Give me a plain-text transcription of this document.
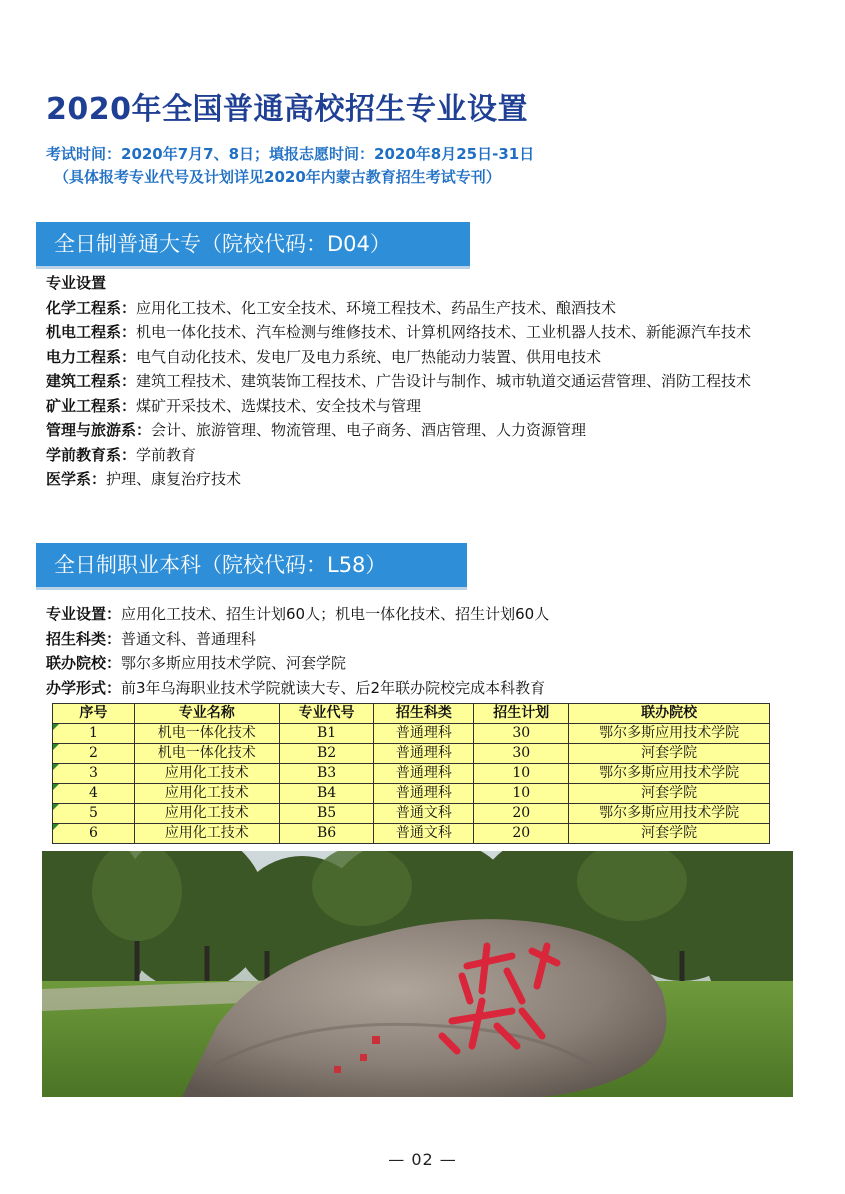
2020年全国普通高校招生专业设置
考试时间：2020年7月7、8日；填报志愿时间：2020年8月25日-31日
（具体报考专业代号及计划详见2020年内蒙古教育招生考试专刊）
全日制普通大专（院校代码：D04）
专业设置
化学工程系：应用化工技术、化工安全技术、环境工程技术、药品生产技术、酿酒技术
机电工程系：机电一体化技术、汽车检测与维修技术、计算机网络技术、工业机器人技术、新能源汽车技术
电力工程系：电气自动化技术、发电厂及电力系统、电厂热能动力装置、供用电技术
建筑工程系：建筑工程技术、建筑装饰工程技术、广告设计与制作、城市轨道交通运营管理、消防工程技术
矿业工程系：煤矿开采技术、选煤技术、安全技术与管理
管理与旅游系：会计、旅游管理、物流管理、电子商务、酒店管理、人力资源管理
学前教育系：学前教育
医学系：护理、康复治疗技术
全日制职业本科（院校代码：L58）
专业设置：应用化工技术、招生计划60人；机电一体化技术、招生计划60人
招生科类：普通文科、普通理科
联办院校：鄂尔多斯应用技术学院、河套学院
办学形式：前3年乌海职业技术学院就读大专、后2年联办院校完成本科教育
序号	专业名称	专业代号	招生科类	招生计划	联办院校
1	机电一体化技术	B1	普通理科	30	鄂尔多斯应用技术学院
2	机电一体化技术	B2	普通理科	30	河套学院
3	应用化工技术	B3	普通理科	10	鄂尔多斯应用技术学院
4	应用化工技术	B4	普通理科	10	河套学院
5	应用化工技术	B5	普通文科	20	鄂尔多斯应用技术学院
6	应用化工技术	B6	普通文科	20	河套学院
— 02 —
